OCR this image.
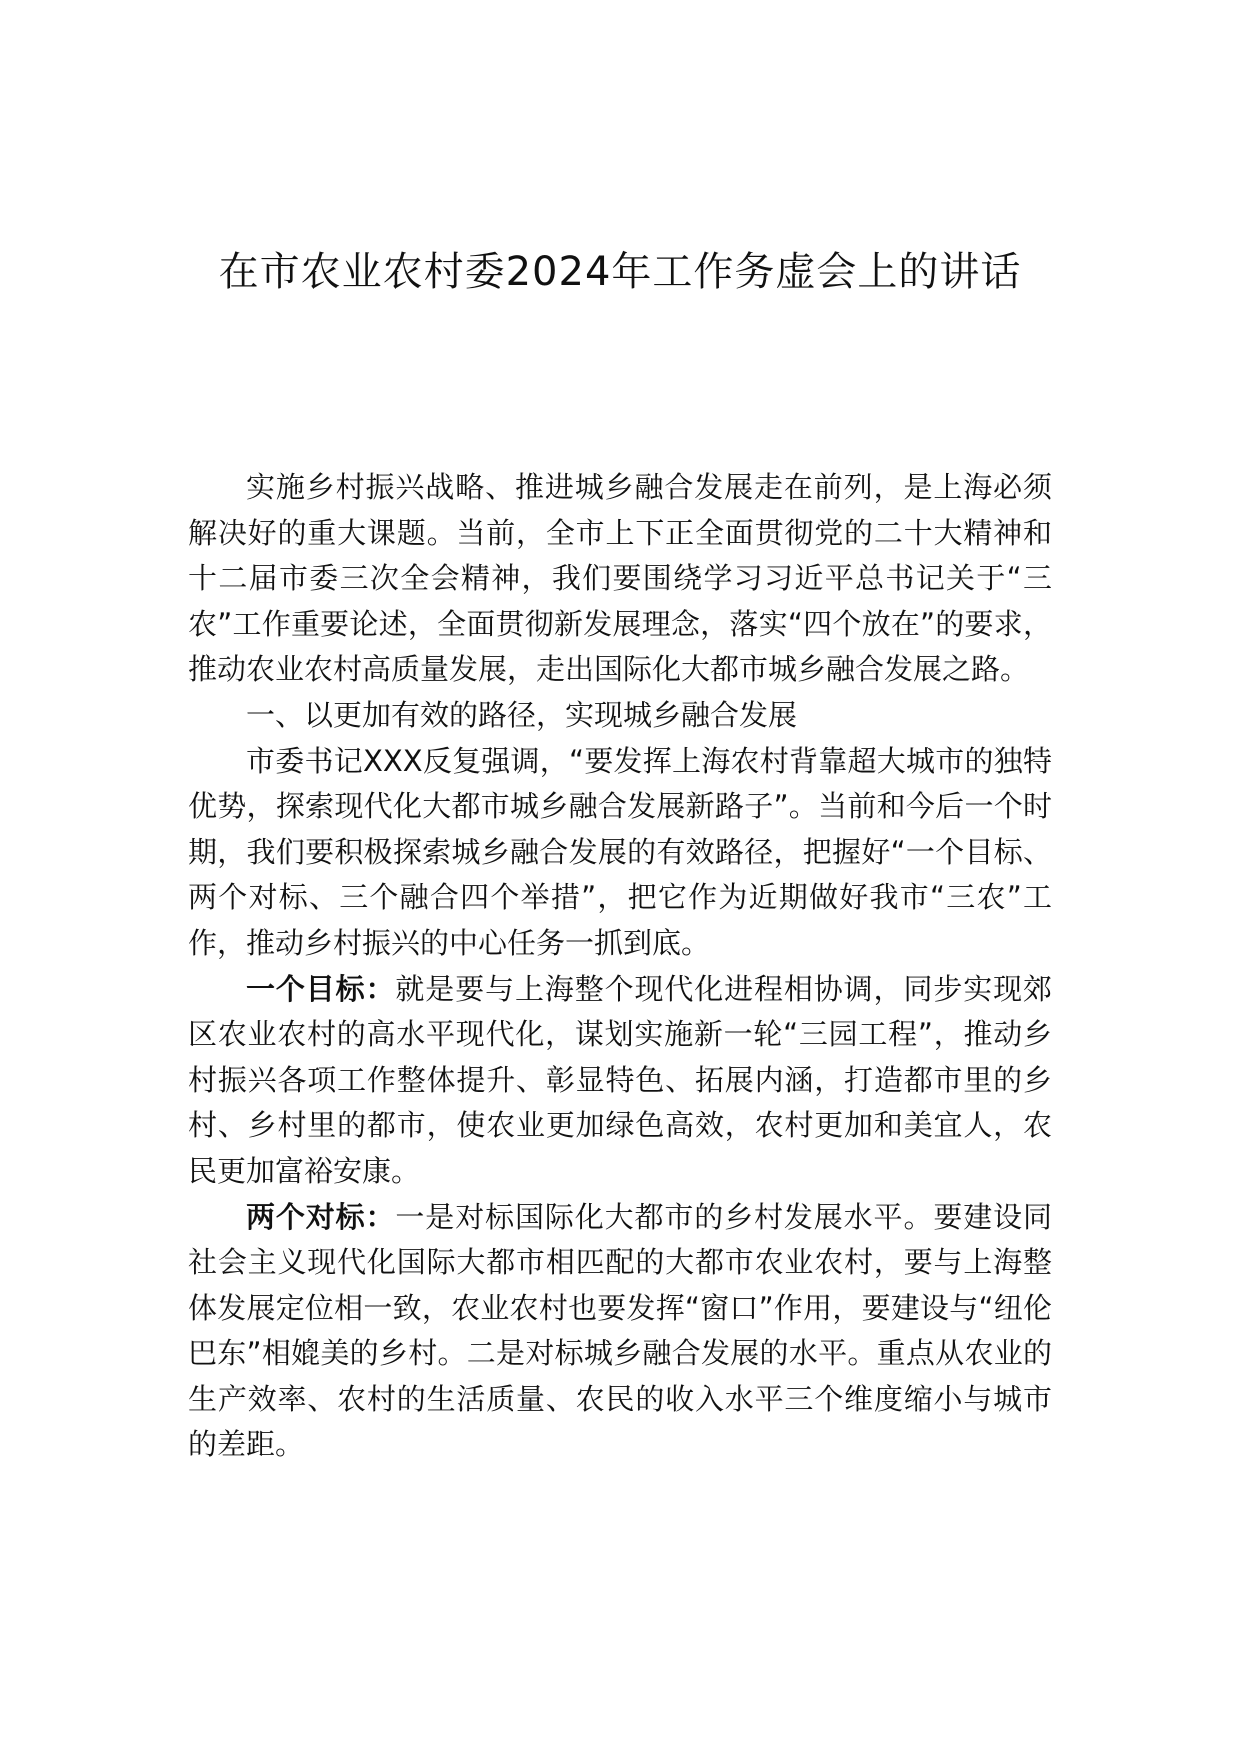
在市农业农村委2024年工作务虚会上的讲话

实施乡村振兴战略、推进城乡融合发展走在前列，是上海必须解决好的重大课题。当前，全市上下正全面贯彻党的二十大精神和十二届市委三次全会精神，我们要围绕学习习近平总书记关于“三农”工作重要论述，全面贯彻新发展理念，落实“四个放在”的要求，推动农业农村高质量发展，走出国际化大都市城乡融合发展之路。

一、以更加有效的路径，实现城乡融合发展

市委书记XXX反复强调，“要发挥上海农村背靠超大城市的独特优势，探索现代化大都市城乡融合发展新路子”。当前和今后一个时期，我们要积极探索城乡融合发展的有效路径，把握好“一个目标、两个对标、三个融合四个举措”，把它作为近期做好我市“三农”工作，推动乡村振兴的中心任务一抓到底。

一个目标：就是要与上海整个现代化进程相协调，同步实现郊区农业农村的高水平现代化，谋划实施新一轮“三园工程”，推动乡村振兴各项工作整体提升、彰显特色、拓展内涵，打造都市里的乡村、乡村里的都市，使农业更加绿色高效，农村更加和美宜人，农民更加富裕安康。

两个对标：一是对标国际化大都市的乡村发展水平。要建设同社会主义现代化国际大都市相匹配的大都市农业农村，要与上海整体发展定位相一致，农业农村也要发挥“窗口”作用，要建设与“纽伦巴东”相媲美的乡村。二是对标城乡融合发展的水平。重点从农业的生产效率、农村的生活质量、农民的收入水平三个维度缩小与城市的差距。
